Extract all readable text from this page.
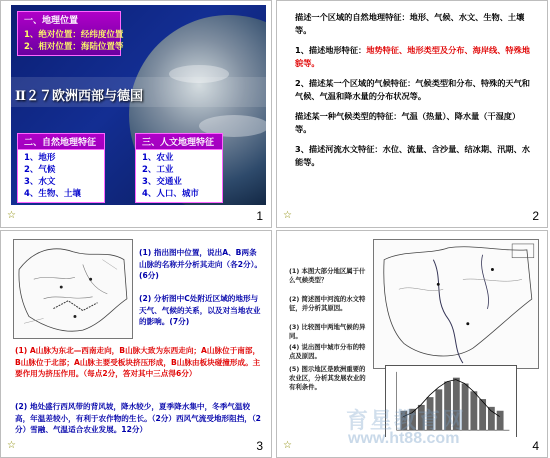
一、地理位置
1、绝对位置：经纬度位置
2、相对位置：海陆位置等
Ⅱ２７欧洲西部与德国
二、自然地理特征
1、地形
2、气候
3、水文
4、生物、土壤
三、人文地理特征
1、农业
2、工业
3、交通业
4、人口、城市
☆	1
描述一个区域的自然地理特征：地形、气候、水文、生物、土壤等。
1、描述地形特征：地势特征、地形类型及分布、海岸线、特殊地貌等。
2、描述某一个区域的气候特征：气候类型和分布、特殊的天气和气候、气温和降水量的分布状况等。
描述某一种气候类型的特征：气温（热量）、降水量（干湿度）等。
3、描述河流水文特征：水位、流量、含沙量、结冰期、汛期、水能等。
☆	2
(1) 指出图中位置，说出A、B两条山脉的名称并分析其走向（各2分）。(6分)
(2) 分析图中C处附近区域的地形与天气、气候的关系，以及对当地农业的影响。(7分)
(1) A山脉为东北—西南走向，B山脉大致为东西走向；A山脉位于南部，B山脉位于北部；A山脉主要受板块挤压形成，B山脉由板块碰撞形成。主要作用为挤压作用。（每点2分，答对其中三点得6分）
(2) 地处盛行西风带的背风坡，降水较少，夏季降水集中，冬季气温较高，年温差较小，有利于农作物的生长。（2分）西风气流受地形阻挡，（2分）雪融、气温适合农业发展。12分）
☆	3
(1) 本图大部分地区属于什么气候类型？
(2) 简述图中河流的水文特征，并分析其原因。
(3) 比较图中两地气候的异同。
(4) 说出图中城市分布的特点及原因。
(5) 图示地区是欧洲重要的农业区，分析其发展农业的有利条件。
☆	4
育星教育网
www.ht88.com
